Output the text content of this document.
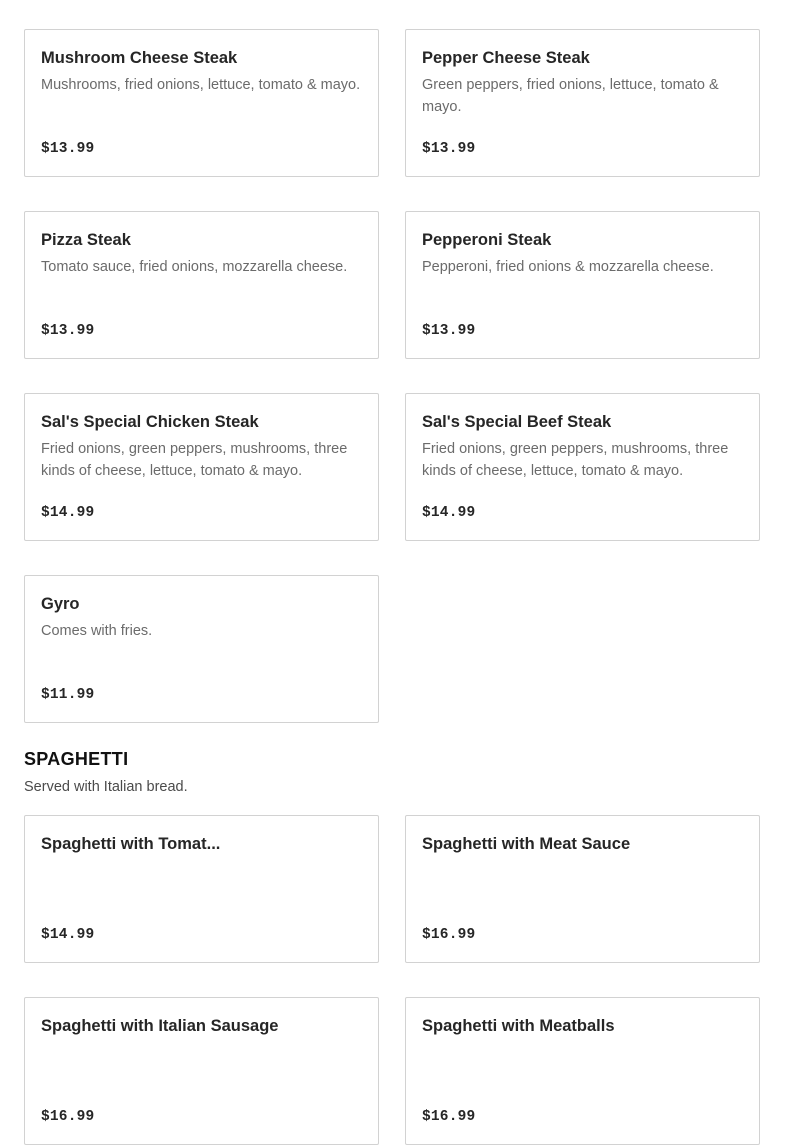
Mushroom Cheese Steak
Mushrooms, fried onions, lettuce, tomato & mayo.
$13.99
Pepper Cheese Steak
Green peppers, fried onions, lettuce, tomato & mayo.
$13.99
Pizza Steak
Tomato sauce, fried onions, mozzarella cheese.
$13.99
Pepperoni Steak
Pepperoni, fried onions & mozzarella cheese.
$13.99
Sal's Special Chicken Steak
Fried onions, green peppers, mushrooms, three kinds of cheese, lettuce, tomato & mayo.
$14.99
Sal's Special Beef Steak
Fried onions, green peppers, mushrooms, three kinds of cheese, lettuce, tomato & mayo.
$14.99
Gyro
Comes with fries.
$11.99
SPAGHETTI
Served with Italian bread.
Spaghetti with Tomat...
$14.99
Spaghetti with Meat Sauce
$16.99
Spaghetti with Italian Sausage
$16.99
Spaghetti with Meatballs
$16.99
